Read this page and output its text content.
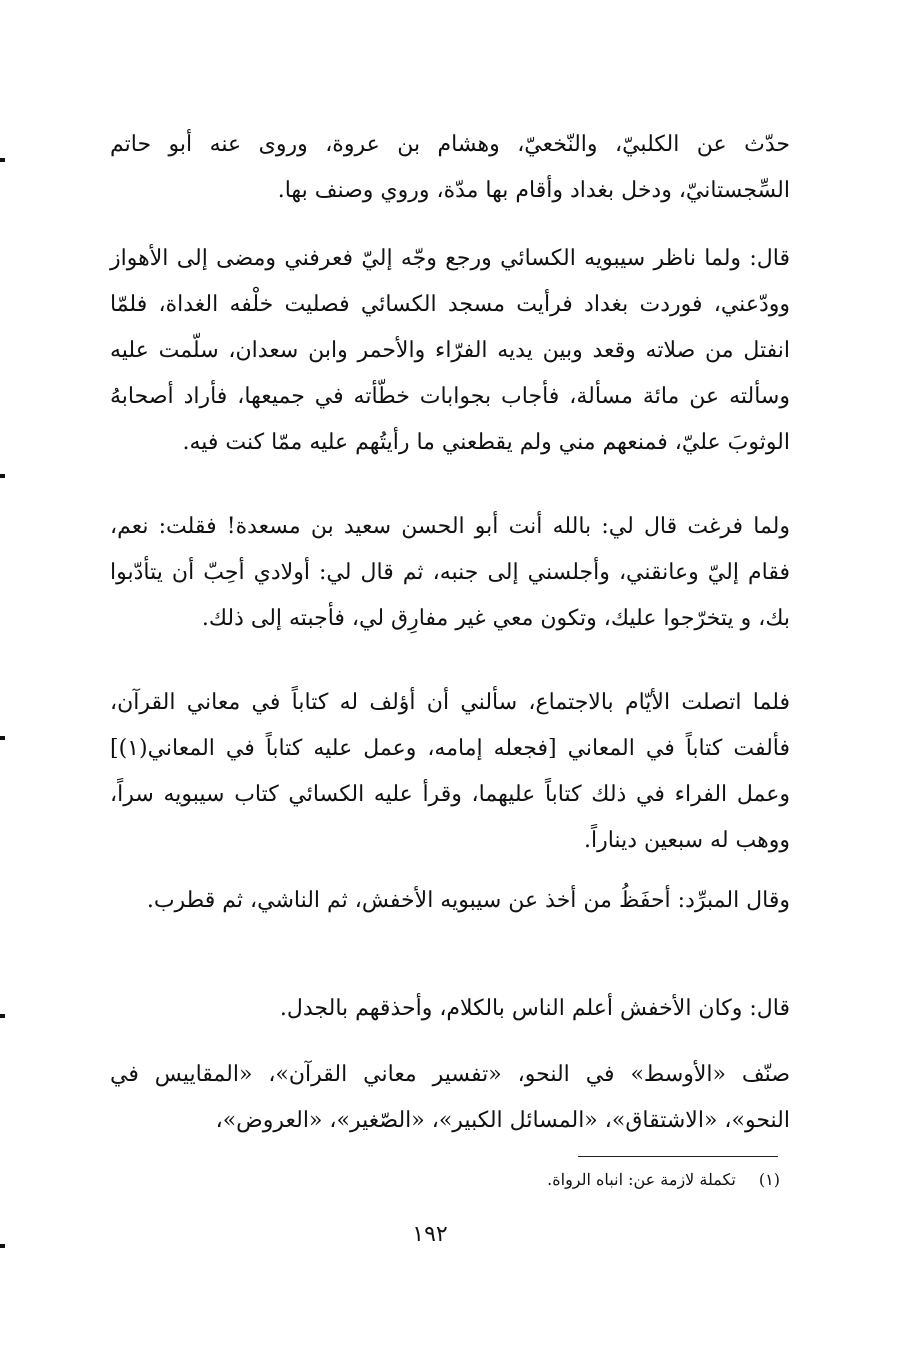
حدّث عن الكلبيّ، والنّخعيّ، وهشام بن عروة، وروى عنه أبو حاتم السِّجستانيّ، ودخل بغداد وأقام بها مدّة، وروي وصنف بها.

قال: ولما ناظر سيبويه الكسائي ورجع وجّه إليّ فعرفني ومضى إلى الأهواز وودّعني، فوردت بغداد فرأيت مسجد الكسائي فصليت خلْفه الغداة، فلمّا انفتل من صلاته وقعد وبين يديه الفرّاء والأحمر وابن سعدان، سلّمت عليه وسألته عن مائة مسألة، فأجاب بجوابات خطّأته في جميعها، فأراد أصحابهُ الوثوبَ عليّ، فمنعهم مني ولم يقطعني ما رأيتُهم عليه ممّا كنت فيه.

ولما فرغت قال لي: بالله أنت أبو الحسن سعيد بن مسعدة! فقلت: نعم، فقام إليّ وعانقني، وأجلسني إلى جنبه، ثم قال لي: أولادي أحِبّ أن يتأدّبوا بك، و يتخرّجوا عليك، وتكون معي غير مفارِق لي، فأجبته إلى ذلك.

فلما اتصلت الأيّام بالاجتماع، سألني أن أؤلف له كتاباً في معاني القرآن، فألفت كتاباً في المعاني [فجعله إمامه، وعمل عليه كتاباً في المعاني(١)] وعمل الفراء في ذلك كتاباً عليهما، وقرأ عليه الكسائي كتاب سيبويه سراً، ووهب له سبعين ديناراً.

وقال المبرِّد: أحفَظُ من أخذ عن سيبويه الأخفش، ثم الناشي، ثم قطرب.

قال: وكان الأخفش أعلم الناس بالكلام، وأحذقهم بالجدل.

صنّف «الأوسط» في النحو، «تفسير معاني القرآن»، «المقاييس في النحو»، «الاشتقاق»، «المسائل الكبير»، «الصّغير»، «العروض»،

(١) تكملة لازمة عن: انباه الرواة.

١٩٢
